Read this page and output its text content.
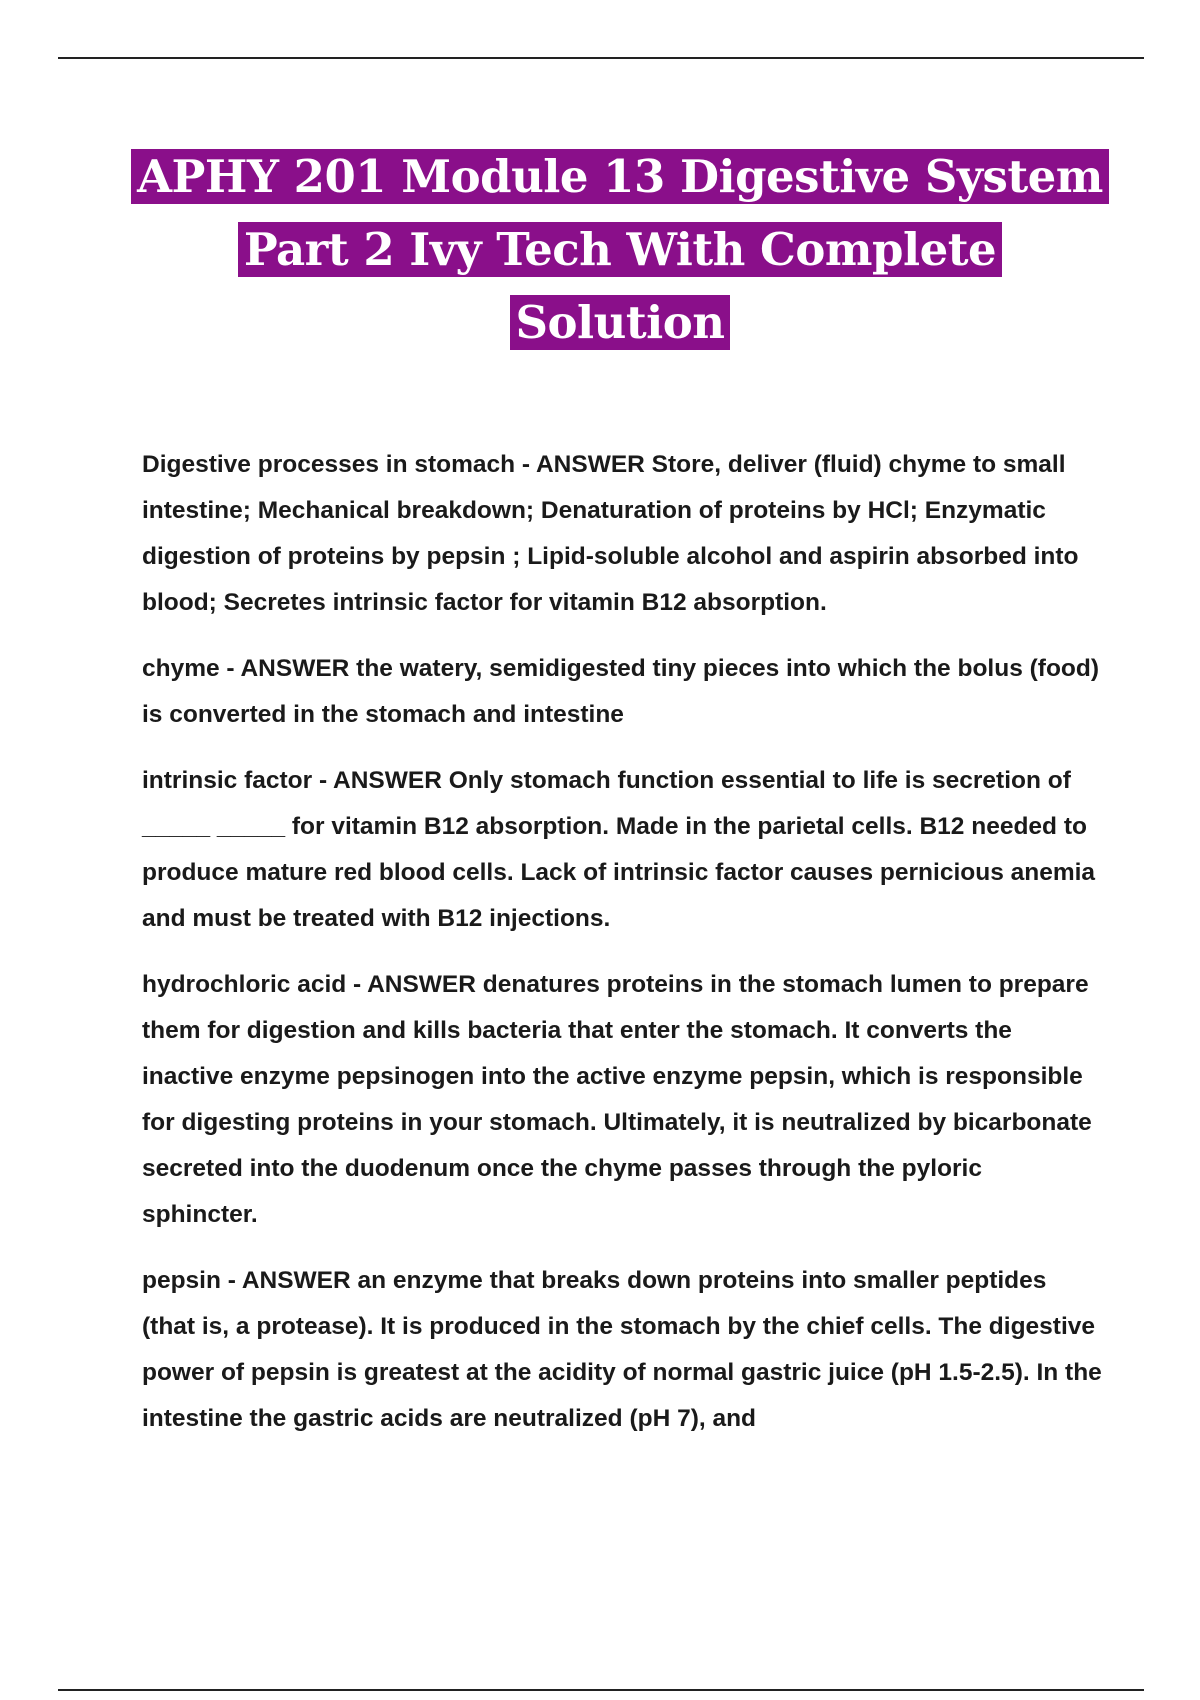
APHY 201 Module 13 Digestive System Part 2 Ivy Tech With Complete Solution

Digestive processes in stomach - ANSWER Store, deliver (fluid) chyme to small intestine; Mechanical breakdown; Denaturation of proteins by HCl; Enzymatic digestion of proteins by pepsin ; Lipid-soluble alcohol and aspirin absorbed into blood; Secretes intrinsic factor for vitamin B12 absorption.

chyme - ANSWER the watery, semidigested tiny pieces into which the bolus (food) is converted in the stomach and intestine

intrinsic factor - ANSWER Only stomach function essential to life is secretion of _____ _____ for vitamin B12 absorption. Made in the parietal cells. B12 needed to produce mature red blood cells. Lack of intrinsic factor causes pernicious anemia and must be treated with B12 injections.

hydrochloric acid - ANSWER denatures proteins in the stomach lumen to prepare them for digestion and kills bacteria that enter the stomach. It converts the inactive enzyme pepsinogen into the active enzyme pepsin, which is responsible for digesting proteins in your stomach. Ultimately, it is neutralized by bicarbonate secreted into the duodenum once the chyme passes through the pyloric sphincter.

pepsin - ANSWER an enzyme that breaks down proteins into smaller peptides (that is, a protease). It is produced in the stomach by the chief cells. The digestive power of pepsin is greatest at the acidity of normal gastric juice (pH 1.5-2.5). In the intestine the gastric acids are neutralized (pH 7), and
